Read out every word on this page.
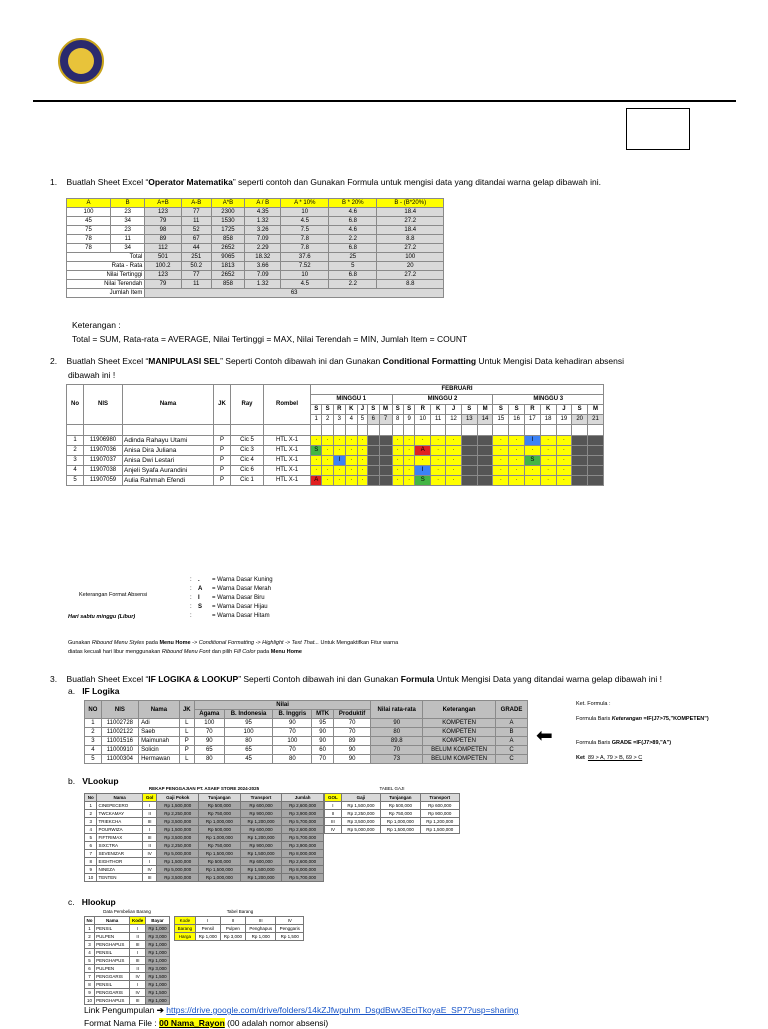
1. Buatlah Sheet Excel “Operator Matematika” seperti contoh dan Gunakan Formula untuk mengisi data yang ditandai warna gelap dibawah ini.
A	B	A+B	A-B	A*B	A / B	A * 10%	B * 20%	B - (B*20%)
100	23	123	77	2300	4.35	10	4.6	18.4
45	34	79	11	1530	1.32	4.5	6.8	27.2
75	23	98	52	1725	3.26	7.5	4.6	18.4
78	11	89	67	858	7.09	7.8	2.2	8.8
78	34	112	44	2652	2.29	7.8	6.8	27.2
Total		501	251	9065	18.32	37.6	25	100
Rata - Rata		100.2	50.2	1813	3.66	7.52	5	20
Nilai Tertinggi		123	77	2652	7.09	10	6.8	27.2
Nilai Terendah		79	11	858	1.32	4.5	2.2	8.8
Jumlah Item		63						
Keterangan :
Total = SUM, Rata-rata = AVERAGE, Nilai Tertinggi = MAX, Nilai Terendah = MIN, Jumlah Item = COUNT
2. Buatlah Sheet Excel “MANIPULASI SEL” Seperti Contoh dibawah ini dan Gunakan Conditional Formatting Untuk Mengisi Data kehadiran absensi
dibawah ini !
No	NIS	Nama	JK	Ray	Rombel	FEBRUARI																				
						MINGGU 1							MINGGU 2							MINGGU 3						
						S	S	R	K	J	S	M	S	S	R	K	J	S	M	S	S	R	K	J	S	M
						1	2	3	4	5	6	7	8	9	10	11	12	13	14	15	16	17	18	19	20	21

1	11906980	Adinda Rahayu Utami	P	Cic 5	HTL X-1	·	·	·	·	·			·	·	·	·	·			·	·	I	·	·		
2	11907036	Anisa Dira Juliana	P	Cic 3	HTL X-1	S	·	·	·	·			·	·	A	·	·			·	·	·	·	·		
3	11907037	Anisa Dwi Lestari	P	Cic 4	HTL X-1	·	·	I	·	·			·	·	·	·	·			·	·	S	·	·		
4	11907038	Anjeli Syafa Aurandini	P	Cic 6	HTL X-1	·	·	·	·	·			·	·	I	·	·			·	·	·	·	·		
5	11907059	Aulia Rahmah Efendi	P	Cic 1	HTL X-1	A	·	·	·	·			·	·	S	·	·			·	·	·	·	·		
Keterangan Format Absensi
Hari sabtu minggu (Libur)
: . = Warna Dasar Kuning
: A = Warna Dasar Merah
: I = Warna Dasar Biru
: S = Warna Dasar Hijau
:	= Warna Dasar Hitam
Gunakan Ribound Menu Styles pada Menu Home -> Conditional Formatting -> Highlight -> Text That... Untuk Mengaktifkan Fitur warna
diatas kecuali hari libur menggunakan Ribound Menu Font dan pilih Fill Color pada Menu Home
3. Buatlah Sheet Excel “IF LOGIKA & LOOKUP” Seperti Contoh dibawah ini dan Gunakan Formula Untuk Mengisi Data yang ditandai warna gelap dibawah ini !
a. IF Logika
NO	NIS	Nama	JK	Nilai					Nilai rata-rata	Keterangan	GRADE
				Agama	B. Indonesia	B. Inggris	MTK	Produktif			
1	11002728	Adi	L	100	95	90	95	70	90	KOMPETEN	A
2	11002122	Saeb	L	70	100	70	90	70	80	KOMPETEN	B
3	11001516	Maimunah	P	90	80	100	90	89	89.8	KOMPETEN	A
4	11000910	Solicin	P	65	65	70	60	90	70	BELUM KOMPETEN	C
5	11000304	Hermawan	L	80	45	80	70	90	73	BELUM KOMPETEN	C
⬅
Ket. Formula :
Formula Baris Keterangan =IF(J7>75,"KOMPETEN")
Formula Baris GRADE =IF(J7>89,"A")
Ket 89 > A, 79 > B, 69 > C
b. VLookup
REKAP PENGGAJIAN PT. ASAEF STORE 2024-2025
No	Nama	Gol	Gaji Pokok	Tunjangan	Transport	Jumlah
1	CINEPECERO	I	Rp 1,500,000	Rp 500,000	Rp 600,000	Rp 2,600,000
2	TWCKAMAY	II	Rp 2,250,000	Rp 750,000	Rp 900,000	Rp 3,900,000
3	TRIEKCHA	III	Rp 3,500,000	Rp 1,000,000	Rp 1,200,000	Rp 5,700,000
4	POURWIZA	I	Rp 1,500,000	Rp 500,000	Rp 600,000	Rp 2,600,000
5	FIFTRIMAX	III	Rp 3,500,000	Rp 1,000,000	Rp 1,200,000	Rp 5,700,000
6	SIXCTRA	II	Rp 2,250,000	Rp 750,000	Rp 900,000	Rp 3,900,000
7	SEVENIZAR	IV	Rp 5,000,000	Rp 1,500,000	Rp 1,500,000	Rp 8,000,000
8	EIGHTHOR	I	Rp 1,500,000	Rp 500,000	Rp 600,000	Rp 2,600,000
9	NINEZA	IV	Rp 5,000,000	Rp 1,500,000	Rp 1,500,000	Rp 8,000,000
10	TENTEN	III	Rp 3,500,000	Rp 1,000,000	Rp 1,200,000	Rp 5,700,000
TABEL GAJI
GOL	Gaji	Tunjangan	Transport
I	Rp 1,500,000	Rp 500,000	Rp 600,000
II	Rp 2,250,000	Rp 750,000	Rp 900,000
III	Rp 3,500,000	Rp 1,000,000	Rp 1,200,000
IV	Rp 5,000,000	Rp 1,500,000	Rp 1,500,000
c. Hlookup
Data Pembelian Barang
No	Nama	Kode	Bayar
1	PENSIL	I	Rp 1,000
2	PULPEN	II	Rp 3,000
3	PENGHAPUS	III	Rp 1,000
4	PENSIL	I	Rp 1,000
5	PENGHAPUS	III	Rp 1,000
6	PULPEN	II	Rp 3,000
7	PENGGARIS	IV	Rp 1,500
8	PENSIL	I	Rp 1,000
9	PENGGARIS	IV	Rp 1,500
10	PENGHAPUS	III	Rp 1,000
Tabel Barang
Kode	I	II	III	IV
Barang	Pensil	Pulpen	Penghapus	Penggaris
Harga	Rp 1,000	Rp 3,000	Rp 1,000	Rp 1,500
Link Pengumpulan ➔ https://drive.google.com/drive/folders/14kZJfwpuhm_DsgdBwv3EciTkoyaE_SP7?usp=sharing
Format Nama File : 00 Nama_Rayon (00 adalah nomor absensi)
